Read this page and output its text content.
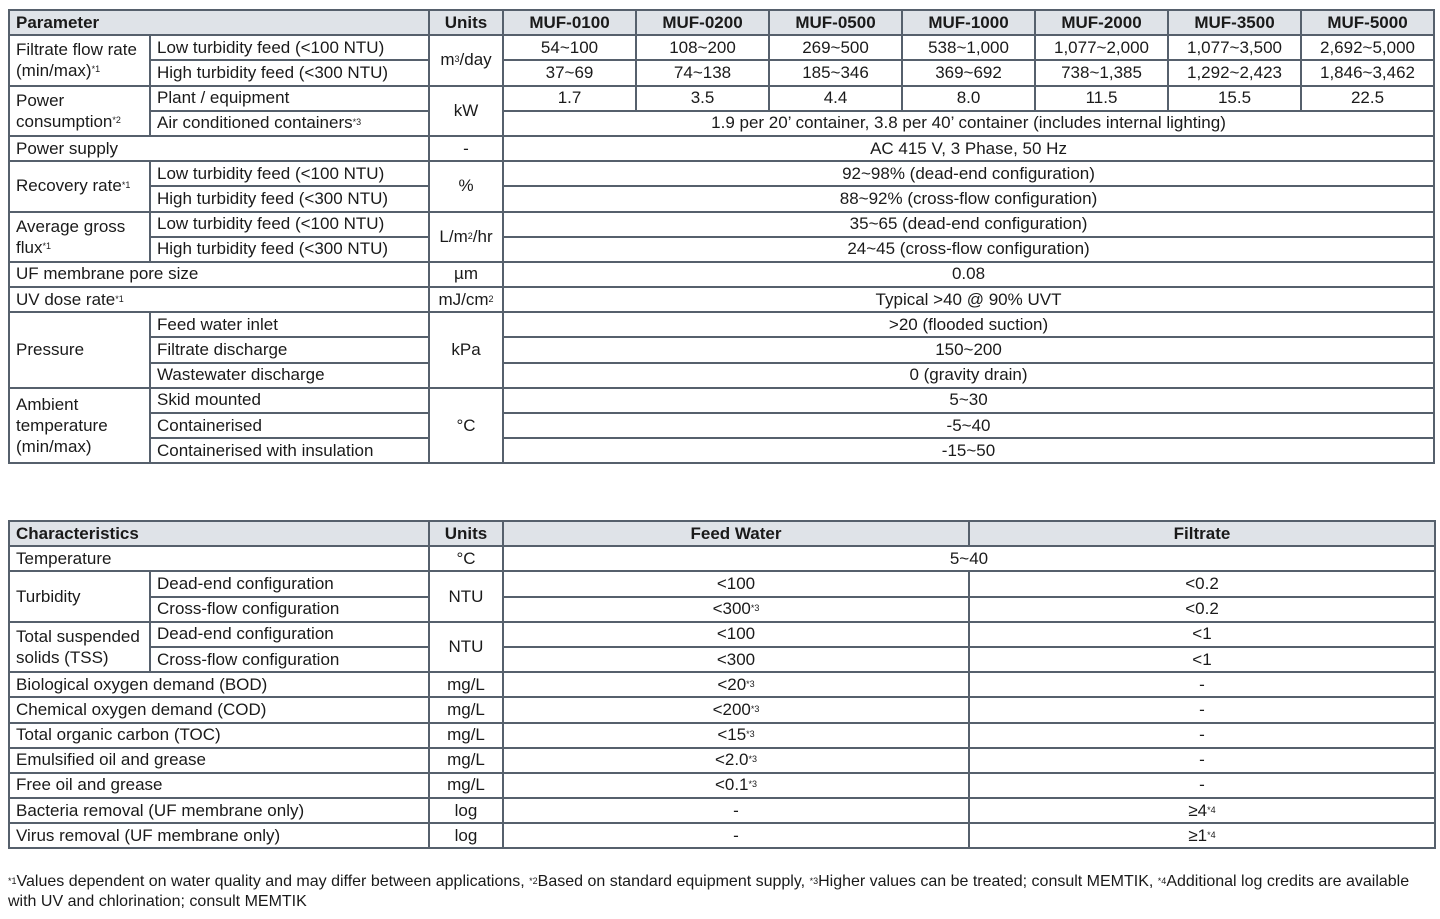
Parameter		Units	MUF-0100	MUF-0200	MUF-0500	MUF-1000	MUF-2000	MUF-3500	MUF-5000
Filtrate flow rate $(\min/\max)^{*1}$	Low turbidity feed (<100 NTU)	$m^3$/day	54~100	108~200	269~500	538~1,000	1,077~2,000	1,077~3,500	2,692~5,000
	High turbidity feed (<300 NTU)		37~69	74~138	185~346	369~692	738~1,385	1,292~2,423	1,846~3,462
Power consumption$^{*2}$	Plant / equipment	kW	1.7	3.5	4.4	8.0	11.5	15.5	22.5
	Air conditioned containers$^{*3}$		1.9 per 20’ container, 3.8 per 40’ container (includes internal lighting)						
Power supply		-	AC 415 V, 3 Phase, 50 Hz						
Recovery rate$^{*1}$	Low turbidity feed (<100 NTU)	%	92~98% (dead-end configuration)						
	High turbidity feed (<300 NTU)		88~92% (cross-flow configuration)						
Average gross flux$^{*1}$	Low turbidity feed (<100 NTU)	$L/m^2/hr$	35~65 (dead-end configuration)						
	High turbidity feed (<300 NTU)		24~45 (cross-flow configuration)						
UF membrane pore size		µm	0.08						
UV dose rate$^{*1}$		$mJ/cm^2$	Typical >40 @ 90% UVT						
Pressure	Feed water inlet	kPa	>20 (flooded suction)						
	Filtrate discharge		150~200						
	Wastewater discharge		0 (gravity drain)						
Ambient temperature (min/max)	Skid mounted	°C	5~30						
	Containerised		-5~40						
	Containerised with insulation		-15~50						
Characteristics		Units	Feed Water	Filtrate
Temperature		°C	5~40	
Turbidity	Dead-end configuration	NTU	<100	<0.2
	Cross-flow configuration		$<300^{*3}$	<0.2
Total suspended solids (TSS)	Dead-end configuration	NTU	<100	<1
	Cross-flow configuration		<300	<1
Biological oxygen demand (BOD)		mg/L	$<20^{*3}$	-
Chemical oxygen demand (COD)		mg/L	$<200^{*3}$	-
Total organic carbon (TOC)		mg/L	$<15^{*3}$	-
Emulsified oil and grease		mg/L	$<2.0^{*3}$	-
Free oil and grease		mg/L	$<0.1^{*3}$	-
Bacteria removal (UF membrane only)		log	-	$\ge 4^{*4}$
Virus removal (UF membrane only)		log	-	$\ge 1^{*4}$
$^{*1}$Values dependent on water quality and may differ between applications, $^{*2}$Based on standard equipment supply, $^{*3}$Higher values can be treated; consult MEMTIK, $^{*4}$Additional log credits are available with UV and chlorination; consult MEMTIK
